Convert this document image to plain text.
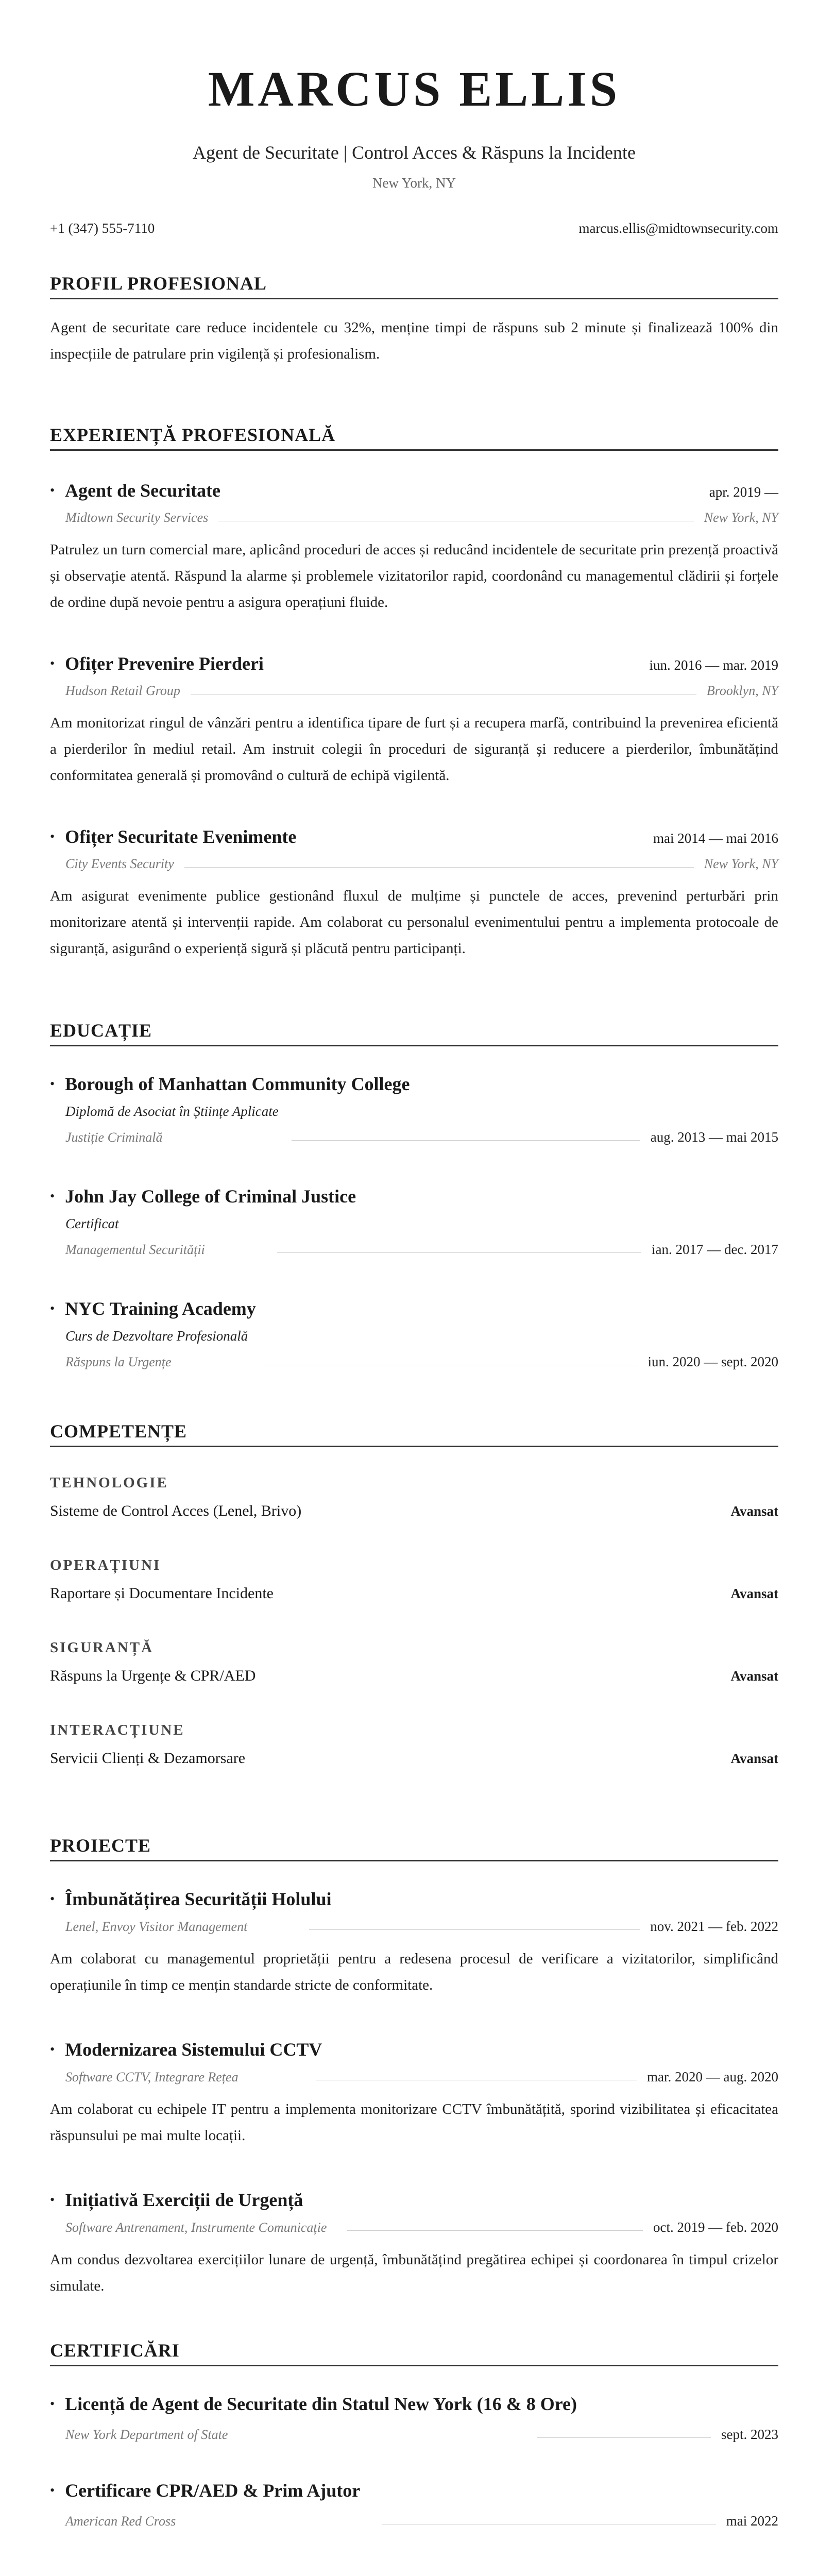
MARCUS ELLIS
Agent de Securitate | Control Acces & Răspuns la Incidente
New York, NY
+1 (347) 555-7110	marcus.ellis@midtownsecurity.com
PROFIL PROFESIONAL
Agent de securitate care reduce incidentele cu 32%, menține timpi de răspuns sub 2 minute și finalizează 100% din inspecțiile de patrulare prin vigilență și profesionalism.
EXPERIENȚĂ PROFESIONALĂ
• Agent de Securitate	apr. 2019 —
Midtown Security Services	New York, NY
Patrulez un turn comercial mare, aplicând proceduri de acces și reducând incidentele de securitate prin prezență proactivă și observație atentă. Răspund la alarme și problemele vizitatorilor rapid, coordonând cu managementul clădirii și forțele de ordine după nevoie pentru a asigura operațiuni fluide.
• Ofițer Prevenire Pierderi	iun. 2016 — mar. 2019
Hudson Retail Group	Brooklyn, NY
Am monitorizat ringul de vânzări pentru a identifica tipare de furt și a recupera marfă, contribuind la prevenirea eficientă a pierderilor în mediul retail. Am instruit colegii în proceduri de siguranță și reducere a pierderilor, îmbunătățind conformitatea generală și promovând o cultură de echipă vigilentă.
• Ofițer Securitate Evenimente	mai 2014 — mai 2016
City Events Security	New York, NY
Am asigurat evenimente publice gestionând fluxul de mulțime și punctele de acces, prevenind perturbări prin monitorizare atentă și intervenții rapide. Am colaborat cu personalul evenimentului pentru a implementa protocoale de siguranță, asigurând o experiență sigură și plăcută pentru participanți.
EDUCAȚIE
• Borough of Manhattan Community College
Diplomă de Asociat în Științe Aplicate
Justiție Criminală	aug. 2013 — mai 2015
• John Jay College of Criminal Justice
Certificat
Managementul Securității	ian. 2017 — dec. 2017
• NYC Training Academy
Curs de Dezvoltare Profesională
Răspuns la Urgențe	iun. 2020 — sept. 2020
COMPETENȚE
TEHNOLOGIE
Sisteme de Control Acces (Lenel, Brivo)	Avansat
OPERAȚIUNI
Raportare și Documentare Incidente	Avansat
SIGURANȚĂ
Răspuns la Urgențe & CPR/AED	Avansat
INTERACȚIUNE
Servicii Clienți & Dezamorsare	Avansat
PROIECTE
• Îmbunătățirea Securității Holului
Lenel, Envoy Visitor Management	nov. 2021 — feb. 2022
Am colaborat cu managementul proprietății pentru a redesena procesul de verificare a vizitatorilor, simplificând operațiunile în timp ce mențin standarde stricte de conformitate.
• Modernizarea Sistemului CCTV
Software CCTV, Integrare Rețea	mar. 2020 — aug. 2020
Am colaborat cu echipele IT pentru a implementa monitorizare CCTV îmbunătățită, sporind vizibilitatea și eficacitatea răspunsului pe mai multe locații.
• Inițiativă Exerciții de Urgență
Software Antrenament, Instrumente Comunicație	oct. 2019 — feb. 2020
Am condus dezvoltarea exercițiilor lunare de urgență, îmbunătățind pregătirea echipei și coordonarea în timpul crizelor simulate.
CERTIFICĂRI
• Licență de Agent de Securitate din Statul New York (16 & 8 Ore)
New York Department of State	sept. 2023
• Certificare CPR/AED & Prim Ajutor
American Red Cross	mai 2022
